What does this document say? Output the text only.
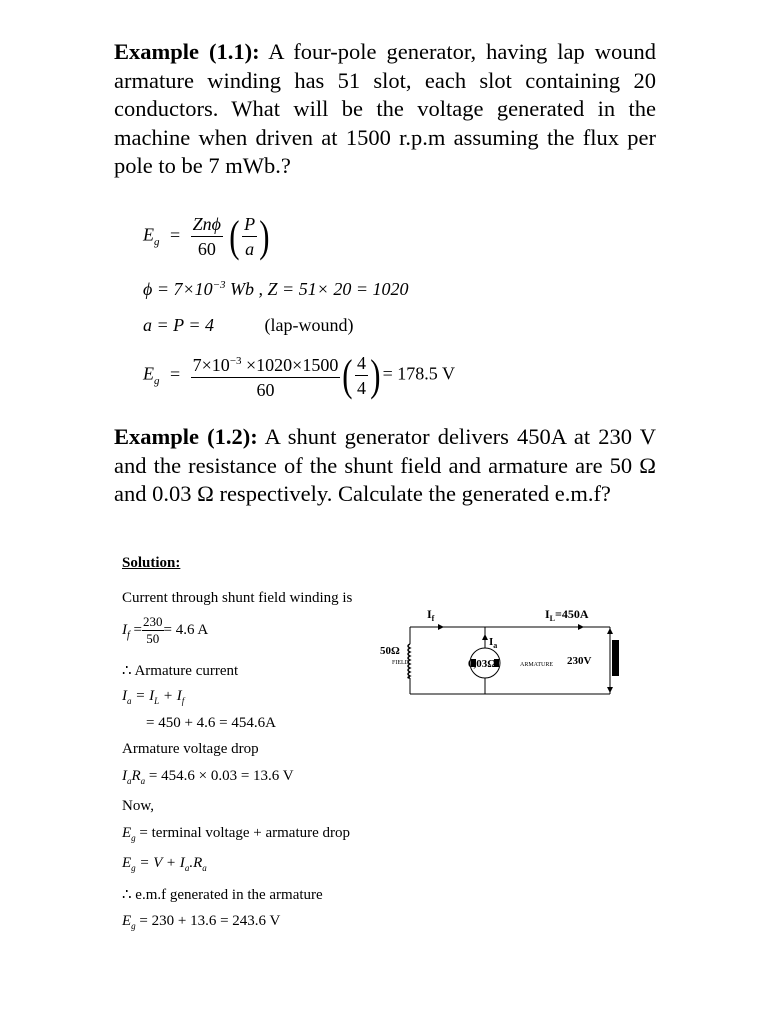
Example (1.1): A four-pole generator, having lap wound armature winding has 51 slot, each slot containing 20 conductors. What will be the voltage generated in the machine when driven at 1500 r.p.m assuming the flux per pole to be 7 mWb.?
$E_g = \frac{\text{Znϕ}}{60}$ ( $\frac{P}{a}$ )
$\phi = 7\times 10^{-3}$ Wb , Z = 51× 20 = 1020
a = P = 4	(lap-wound)
$E_g = \frac{7\times 10^{-3} \times 1020\times 1500}{60}$ ( $\frac{4}{4}$ ) = 178.5 V
Example (1.2): A shunt generator delivers 450A at 230 V and the resistance of the shunt field and armature are 50 Ω and 0.03 Ω respectively. Calculate the generated e.m.f?
Solution:
Current through shunt field winding is
$I_f = \frac{230}{50} = 4.6$ A
∴ Armature current
$I_a = I_L + I_f$
= 450 + 4.6 = 454.6A
Armature voltage drop
$I_aR_a = 454.6 \times 0.03 = 13.6$ V
Now,
$E_g$ = terminal voltage + armature drop
$E_g = V + I_a.R_a$
∴ e.m.f generated in the armature
$E_g = 230 + 13.6 = 243.6$ V
$I_f$	$I_L=450A$
50Ω
FIELD
$I_a$
0,03Ω	ARMATURE 230V
